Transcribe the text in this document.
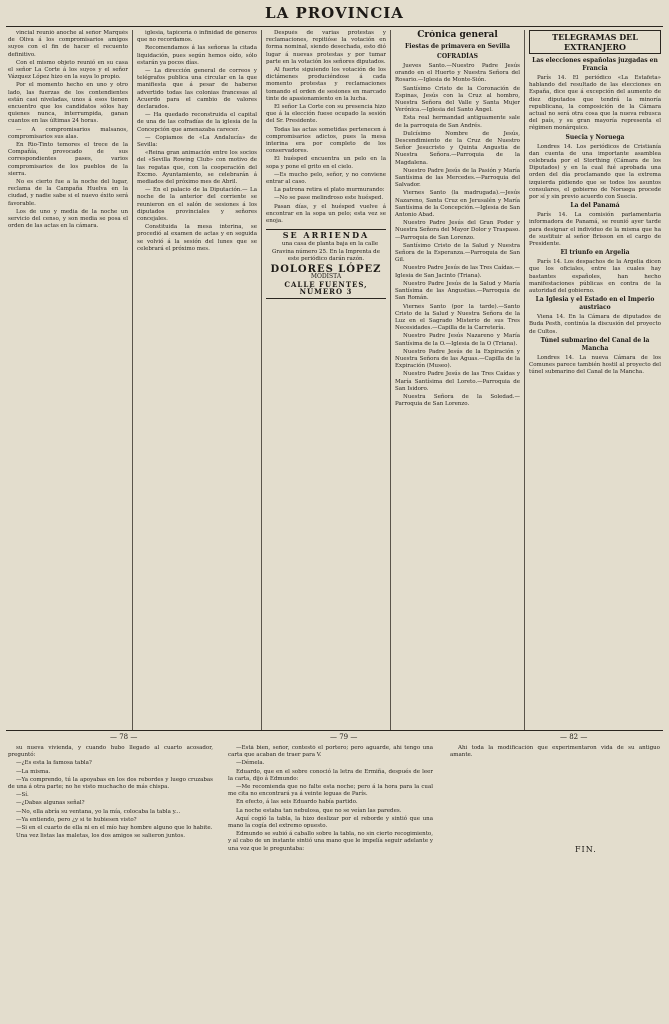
LA PROVINCIA

vincial reunió anoche al señor Marqués de Oliva á los compromisarios amigos suyos con el fin de hacer el recuento definitivo.

Con el mismo objeto reunió en su casa el señor La Corte á los suyos y el señor Vázquez López hizo en la suya lo propio.

Por el momento hecho en uno y otro lado, las fuerzas de los contendientes están casi niveladas, unos á esos tienen encuentro que los candidatos sólos hay quienes nunca, interrumpida, ganan cuantos en las últimas 24 horas.

— A compromisarios malsanos, compromisarios sus alas.

En Rio-Tinto temores el trece de la Compañía, provocado de sus correspondientes pases, varios compromisarios de los pueblos de la sierra.

No es cierto fue a la noche del lugar, reclama de la Campaña Huelva en la ciudad, y nadie sabe si el nuevo éxito será favorable.

Los de uno y media de la noche un servicio del censo, y son media se posa el orden de las actas en la cámara.

iglesia, tapicería ó infinidad de géneros que no recordamos.

Recomendamos á las señoras la citada liquidación, pues según hemos oído, sólo estarán ya pocos días.

— La dirección general de correos y telégrafos publica una circular en la que manifiesta que á pesar de haberse advertido todas las colonias francesas al Acuerdo para el cambio de valores declarados.

— Ha quedado reconstruida el capital de una de las cofradías de la iglesia de la Concepción que amenazaba carecer.

— Copiamos de «La Andalucía» de Sevilla:

«Reina gran animación entre los socios del «Sevilla Rowing Club» con motivo de las regatas que, con la cooperación del Excmo. Ayuntamiento, se celebrarán á mediados del próximo mes de Abril.

— En el palacio de la Diputación.— La noche de la anterior del corriente se reunieron en el salón de sesiones á los diputados provinciales y señores concejales.

Constituida la mesa interina, se procedió al examen de actas y en seguida se volvió á la sesión del lunes que se celebrará el próximo mes.

Después de varias protestas y reclamaciones, repitióse la votación en forma nominal, siendo desechada, esto dió lugar á nuevas protestas y por tumar parte en la votación los señores diputados.

Al fuerte siguiendo los votación de los dictámenes produciéndose á cada momento protestas y reclamaciones tomando el orden de sesiones en marcado tinte de apasionamiento en la lucha.

El señor La Corte con su presencia hizo que á la elección fuese ocupado la sesión del Sr. Presidente.

Todas las actas sometidas pertenecen á compromisarios adictos, pues la mesa interina era por completo de los conservadores.

El huésped encuentra un pelo en la sopa y pone el grito en el cielo.

—Es mucho pelo, señor, y no conviene entrar al caso.

La patrona retira el plato murmurando:

—No se pase melindroso este huésped.

Pasan días, y el huésped vuelve á encontrar en la sopa un pelo; esta vez se enoja.

SE ARRIENDA

una casa de planta baja en la calle Gravina número 25. En la Imprenta de este periódico darán razón.

DOLORES LÓPEZ
MODISTA
CALLE FUENTES, NÚMERO 3
Crónica general
Fiestas de primavera en Sevilla
COFRADÍAS

Jueves Santo.—Nuestro Padre Jesús orando en el Huerto y Nuestra Señora del Rosario.—Iglesia de Monte-Sión.

Santísimo Cristo de la Coronación de Espinas, Jesús con la Cruz al hombro, Nuestra Señora del Valle y Santa Mujer Verónica.—Iglesia del Santo Ángel.

Esta real hermandad antiguamente sale de la parroquia de San Andrés.

Dulcísimo Nombre de Jesús, Descendimiento de la Cruz de Nuestro Señor Jesucristo y Quinta Angustia de Nuestra Señora.—Parroquia de la Magdalena.

Nuestro Padre Jesús de la Pasión y María Santísima de las Mercedes.—Parroquia del Salvador.

Viernes Santo (la madrugada).—Jesús Nazareno, Santa Cruz en Jerusalén y María Santísima de la Concepción.—Iglesia de San Antonio Abad.

Nuestro Padre Jesús del Gran Poder y Nuestra Señora del Mayor Dolor y Traspaso.—Parroquia de San Lorenzo.

Santísimo Cristo de la Salud y Nuestra Señora de la Esperanza.—Parroquia de San Gil.

Nuestro Padre Jesús de las Tres Caídas.—Iglesia de San Jacinto (Triana).

Nuestro Padre Jesús de la Salud y María Santísima de las Angustias.—Parroquia de San Román.

Viernes Santo (por la tarde).—Santo Cristo de la Salud y Nuestra Señora de la Luz en el Sagrado Misterio de sus Tres Necesidades.—Capilla de la Carretería.

Nuestro Padre Jesús Nazareno y María Santísima de la O.—Iglesia de la O (Triana).

Nuestro Padre Jesús de la Expiración y Nuestra Señora de las Aguas.—Capilla de la Expiración (Museo).

Nuestro Padre Jesús de las Tres Caídas y María Santísima del Loreto.—Parroquia de San Isidoro.

Nuestra Señora de la Soledad.—Parroquia de San Lorenzo.

TELEGRAMAS DEL EXTRANJERO
Las elecciones españolas juzgadas en Francia

París 14. El periódico «La Estafeta» hablando del resultado de las elecciones en España, dice que á excepción del aumento de diez diputados que tendrá la minoría republicana, la composición de la Cámara actual no será otra cosa que la nueva rebusca del país, y su gran mayoría representa el régimen monárquico.

Suecia y Noruega

Londres 14. Los periódicos de Cristianía dan cuenta de una importante asamblea celebrada por el Storthing (Cámara de los Diputados) y en la cual fué aprobada una orden del día proclamando que la extrema izquierda pidiendo que se todos los asuntos consulares, el gobierno de Noruega procede por sí y sin previo acuerdo con Suecia.

La del Panamá

París 14. La comisión parlamentaria informadora de Panamá, se reunió ayer tarde para designar el individuo de la misma que ha de sustituir al señor Brisson en el cargo de Presidente.

El triunfo en Argelia

París 14. Los despachos de la Argelia dicen que los oficiales, entre las cuales hay bastantes españoles, han hecho manifestaciones públicas en contra de la autoridad del gobierno.

La Iglesia y el Estado en el Imperio austriaco

Viena 14. En la Cámara de diputados de Buda Pesth, continúa la discusión del proyecto de Cultos.

Túnel submarino del Canal de la Mancha

Londres 14. La nueva Cámara de los Comunes parece también hostil al proyecto del túnel submarino del Canal de la Mancha.

— 78 —	— 79 —	— 82 —

su nueva vivienda, y cuando hubo llegado al cuarto acosador, preguntó:

—¿Es esta la famosa tabla?

—La misma.

—Ya comprendo, tú la apoyabas en los dos rebordes y luego cruzabas de una á otra parte; no he visto muchacho de más chispa.

—Sí.

—¿Dabas algunas señal?

—No, ella abría su ventana, yo la mía, colocaba la tabla y...

—Ya entiendo, pero ¿y si te hubiesen visto?

—Si en el cuarto de ella ni en el mío hay hombre alguno que lo habite.

Una vez listas las maletas, los dos amigos se salieron juntos.

—Está bien, señor, contestó el portero; pero aguarde, ahí tengo una carta que acaban de traer para V.

—Démela.

Eduardo, que en el sobre conoció la letra de Ermiña, después de leer la carta, dijo á Edmundo:

—Me recomienda que no falte esta noche; pero á la hora para la cual me cita no encontrará ya á veinte leguas de París.

En efecto, á las seis Eduardo había partido.

La noche estaba tan nebulosa, que no se veían las paredes.

Aquí cogió la tabla, la hizo deslizar por el reborde y sintió que una mano la cogía del extremo opuesto.

Edmundo se subió á caballo sobre la tabla, no sin cierto recogimiento, y al cabo de un instante sintió una mano que le impelía seguir adelante y una voz que le preguntaba:

Ahí toda la modificación que experimentaron vida de su antiguo amante.

FIN.
